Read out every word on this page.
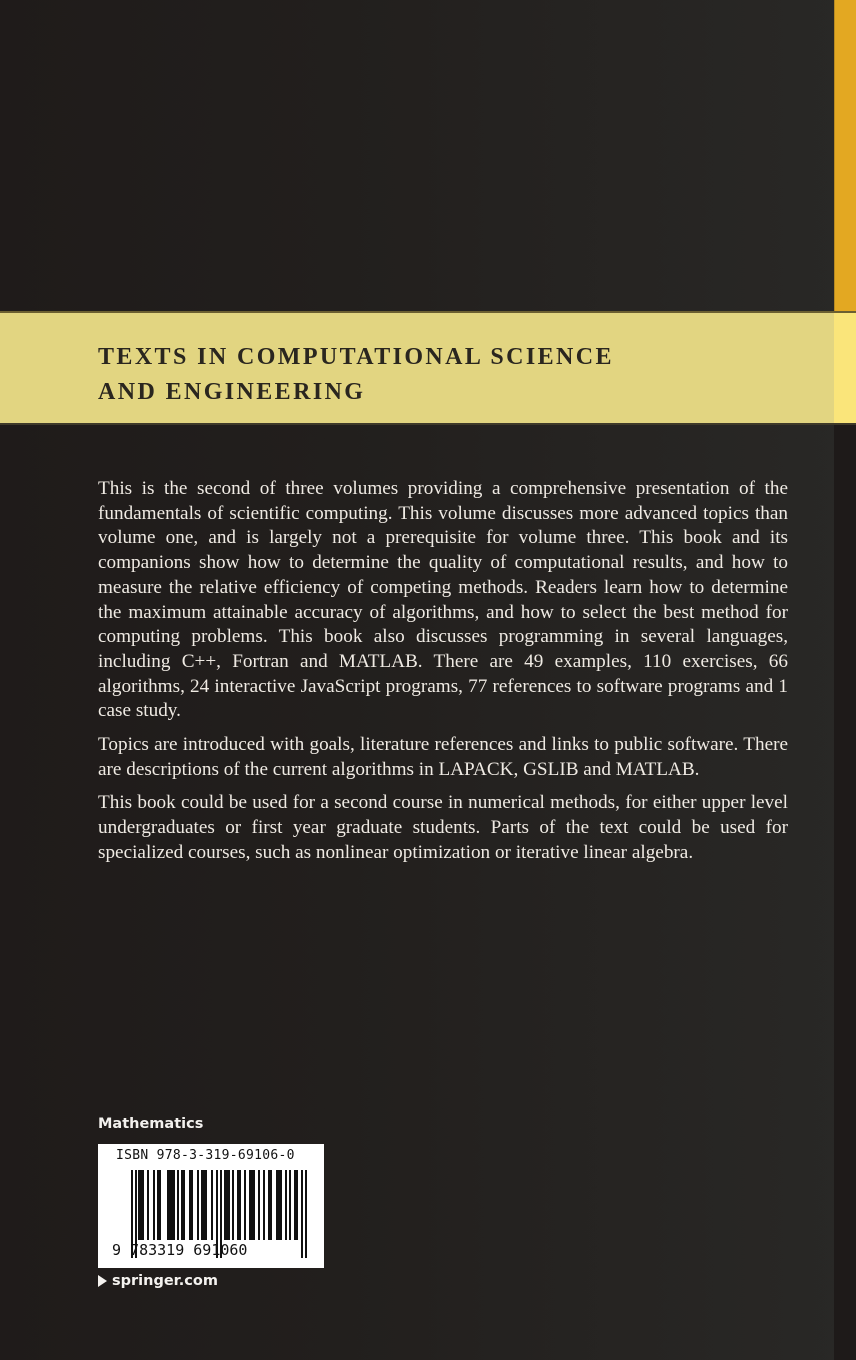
TEXTS IN COMPUTATIONAL SCIENCE
AND ENGINEERING

This is the second of three volumes providing a comprehensive presentation of the fundamentals of scientific computing. This volume discusses more advanced topics than volume one, and is largely not a prerequisite for volume three. This book and its companions show how to determine the quality of computational results, and how to measure the relative efficiency of competing methods. Readers learn how to determine the maximum attainable accuracy of algorithms, and how to select the best method for computing problems. This book also discusses programming in several languages, including C++, Fortran and MATLAB. There are 49 examples, 110 exercises, 66 algorithms, 24 interactive JavaScript programs, 77 references to software programs and 1 case study.

Topics are introduced with goals, literature references and links to public software. There are descriptions of the current algorithms in LAPACK, GSLIB and MATLAB.

This book could be used for a second course in numerical methods, for either upper level undergraduates or first year graduate students. Parts of the text could be used for specialized courses, such as nonlinear optimization or iterative linear algebra.

Mathematics
ISBN 978-3-319-69106-0
9 783319 691060
springer.com
